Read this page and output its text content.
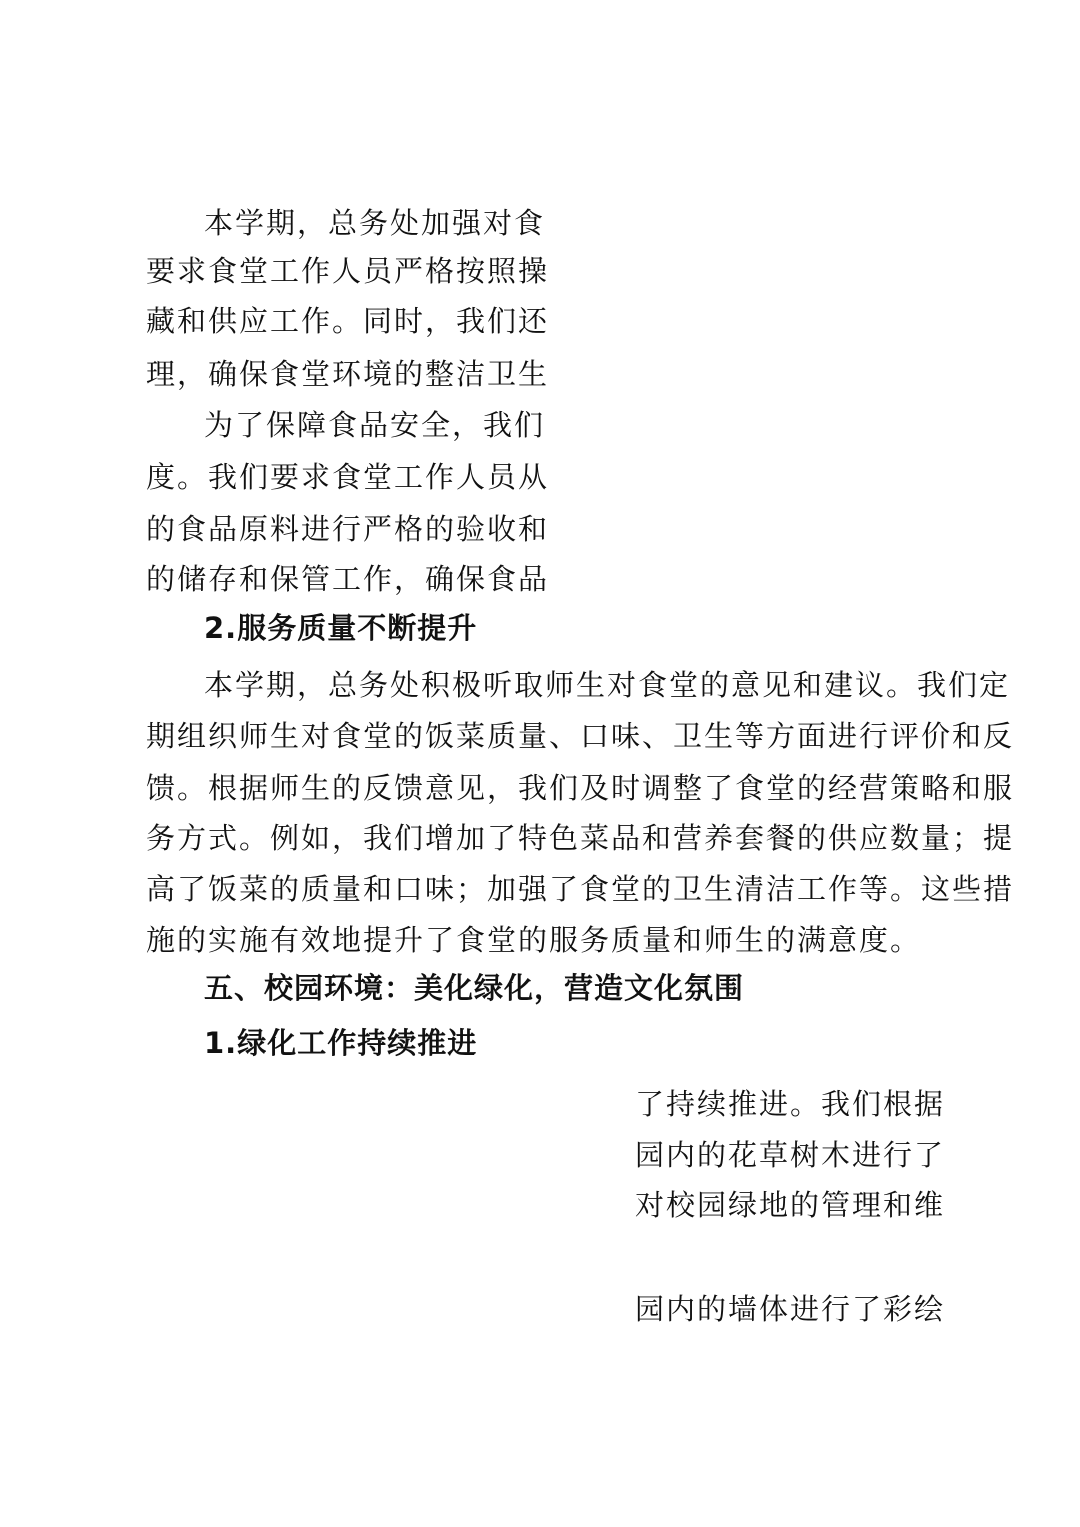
本学期，总务处加强对食
要求食堂工作人员严格按照操
藏和供应工作。同时，我们还
理，确保食堂环境的整洁卫生
为了保障食品安全，我们
度。我们要求食堂工作人员从
的食品原料进行严格的验收和
的储存和保管工作，确保食品
2.服务质量不断提升
本学期，总务处积极听取师生对食堂的意见和建议。我们定
期组织师生对食堂的饭菜质量、口味、卫生等方面进行评价和反
馈。根据师生的反馈意见，我们及时调整了食堂的经营策略和服
务方式。例如，我们增加了特色菜品和营养套餐的供应数量；提
高了饭菜的质量和口味；加强了食堂的卫生清洁工作等。这些措
施的实施有效地提升了食堂的服务质量和师生的满意度。
五、校园环境：美化绿化，营造文化氛围
1.绿化工作持续推进
了持续推进。我们根据
园内的花草树木进行了
对校园绿地的管理和维
园内的墙体进行了彩绘
